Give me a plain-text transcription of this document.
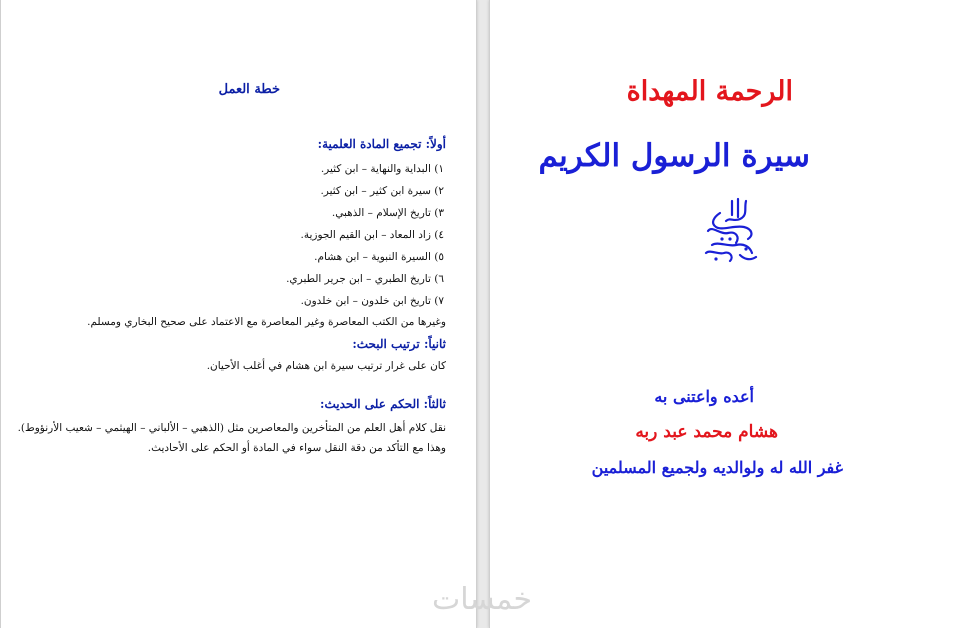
خطة العمل
أولاً: تجميع المادة العلمية:
١) البداية والنهاية – ابن كثير.
٢) سيرة ابن كثير – ابن كثير.
٣) تاريخ الإسلام – الذهبي.
٤) زاد المعاد – ابن القيم الجوزية.
٥) السيرة النبوية – ابن هشام.
٦) تاريخ الطبري – ابن جرير الطبري.
٧) تاريخ ابن خلدون – ابن خلدون.
وغيرها من الكتب المعاصرة وغير المعاصرة مع الاعتماد على صحيح البخاري ومسلم.
ثانياً: ترتيب البحث:
كان على غرار ترتيب سيرة ابن هشام في أغلب الأحيان.
ثالثاً: الحكم على الحديث:
نقل كلام أهل العلم من المتأخرين والمعاصرين مثل (الذهبي – الألباني – الهيثمي – شعيب الأرنؤوط).
وهذا مع التأكد من دقة النقل سواء في المادة أو الحكم على الأحاديث.
الرحمة المهداة
سيرة الرسول الكريم
أعده واعتنى به
هشام محمد عبد ربه
غفر الله له ولوالديه ولجميع المسلمين
خمسات
